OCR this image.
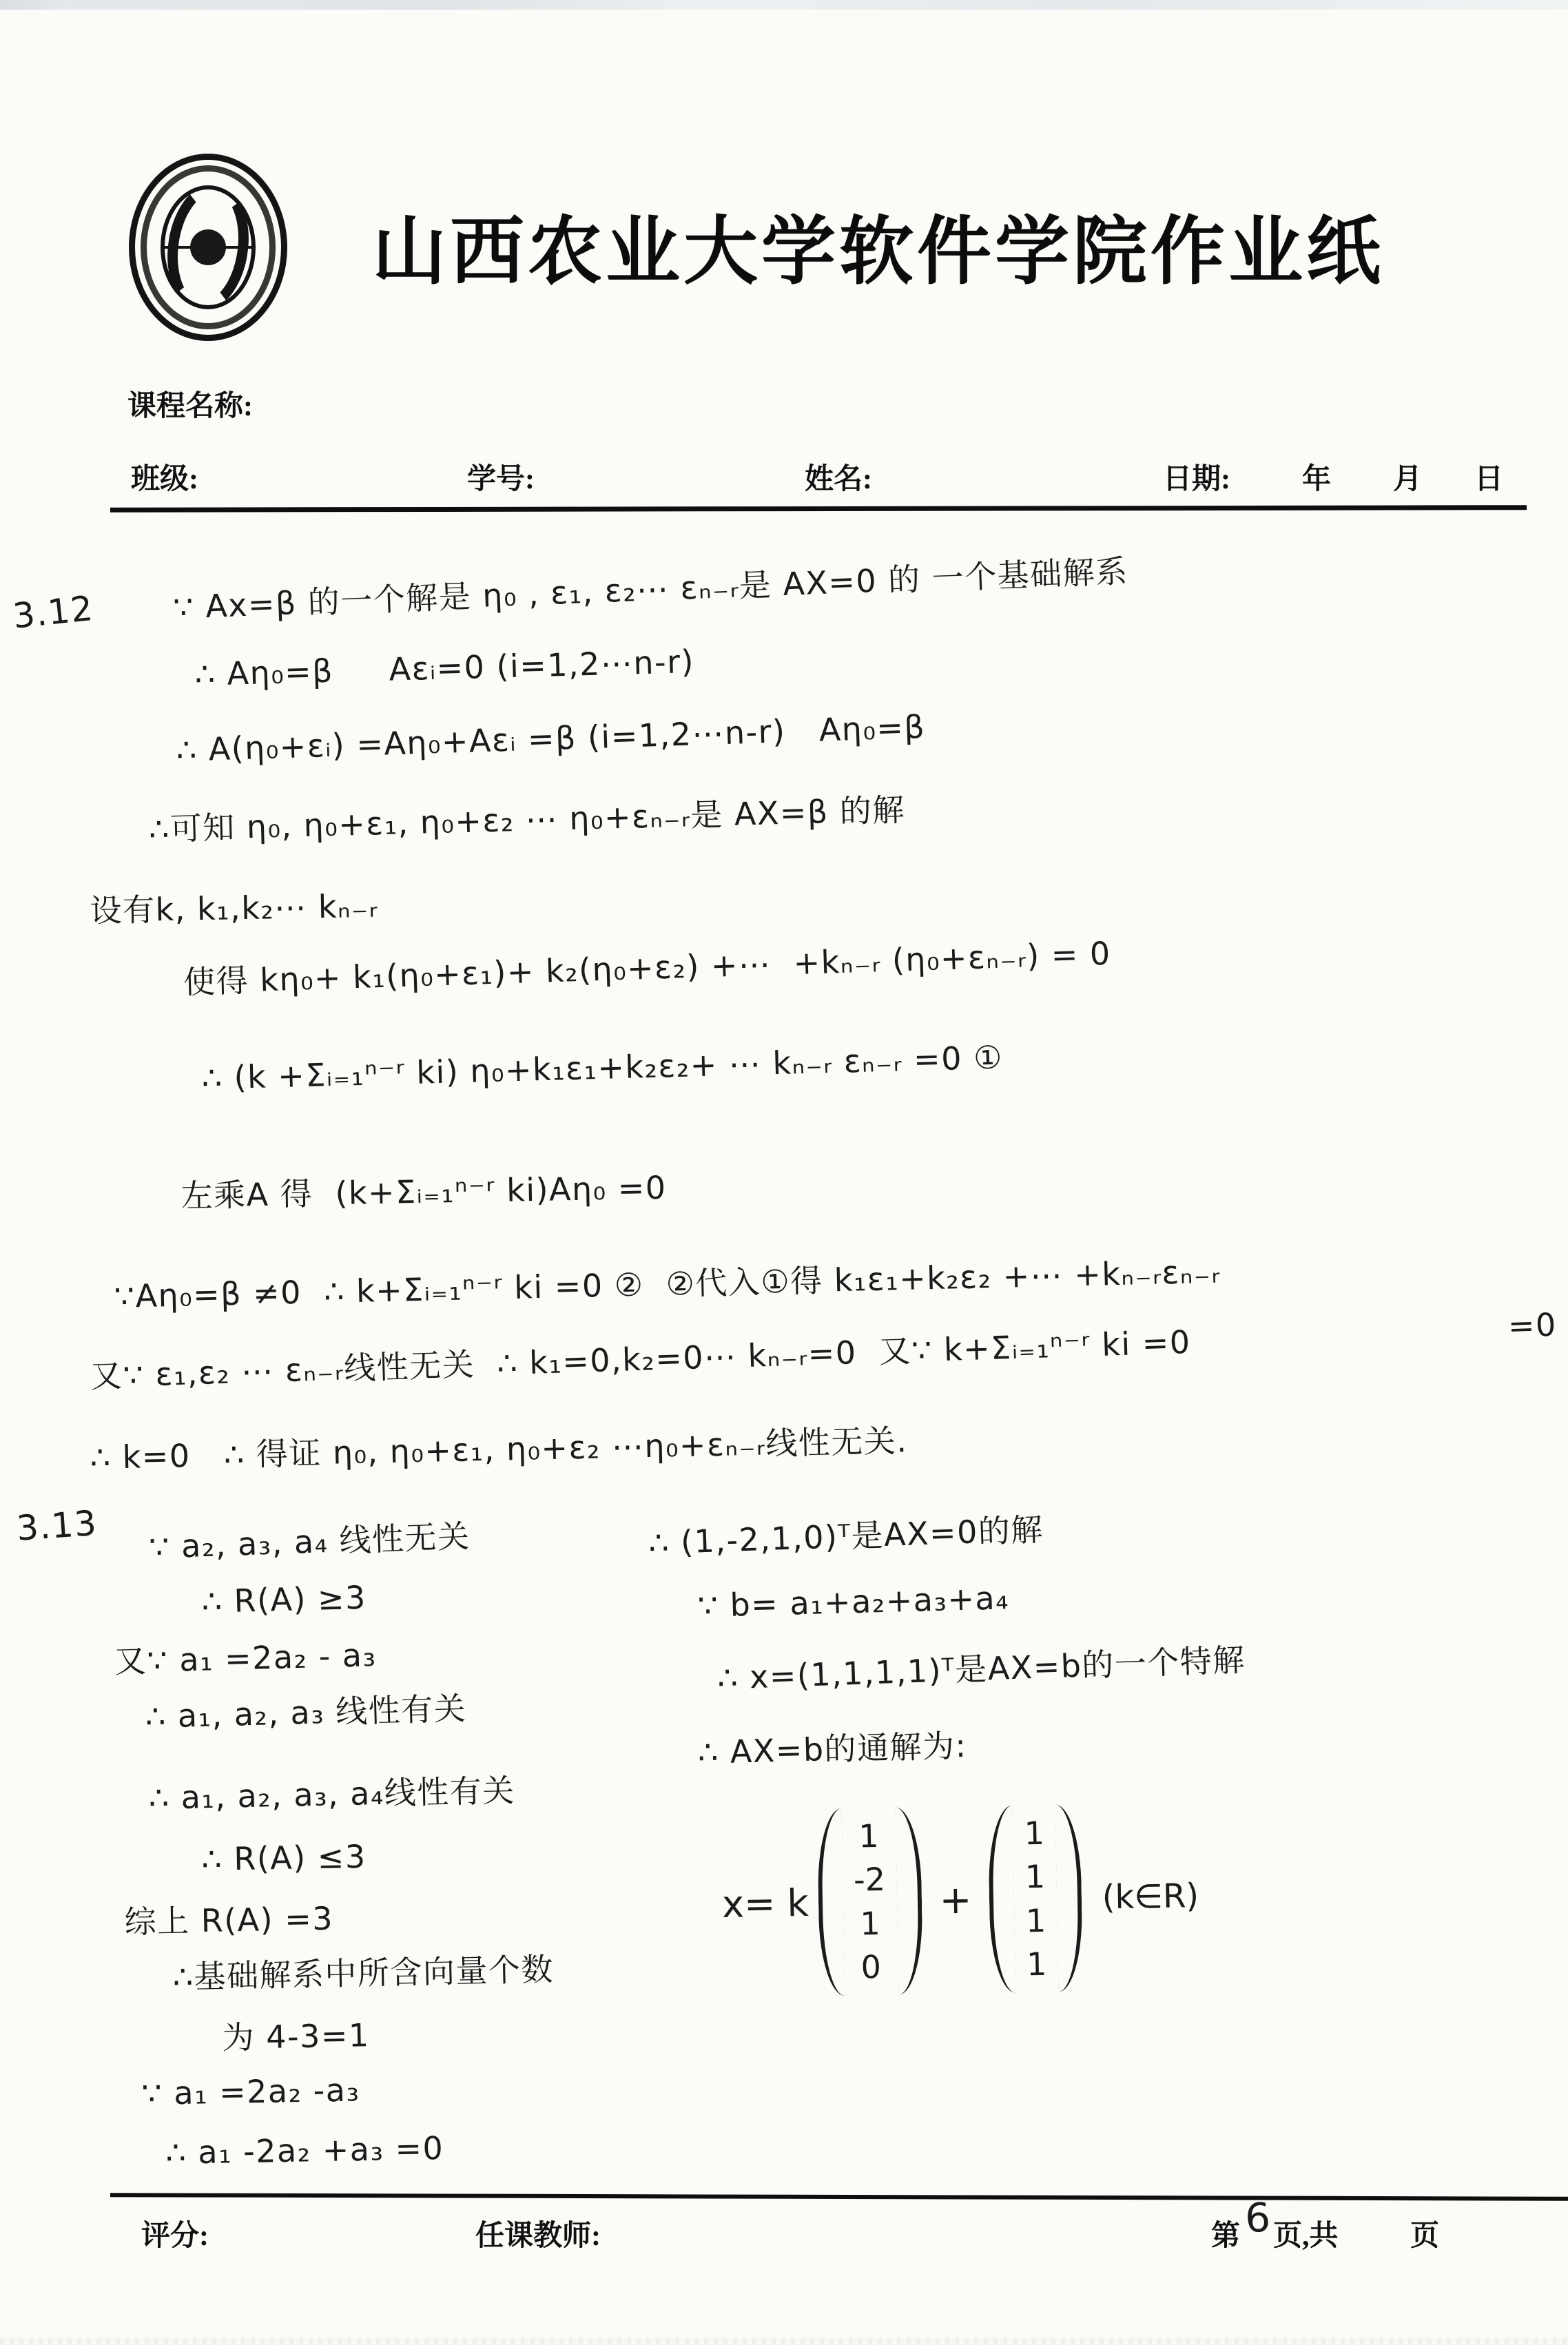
山西农业大学软件学院作业纸
课程名称:
班级:	学号:	姓名:	日期: 年 月 日
3.12 ∵ Ax=β 的一个解是 η₀ , ε₁, ε₂⋯ εₙ₋ᵣ是 AX=0 的 一个基础解系
∴ Aη₀=β     Aεᵢ=0 (i=1,2⋯n-r)
∴ A(η₀+εᵢ) =Aη₀+Aεᵢ =β (i=1,2⋯n-r)   Aη₀=β
∴可知 η₀, η₀+ε₁, η₀+ε₂ ⋯ η₀+εₙ₋ᵣ是 AX=β 的解
设有k, k₁,k₂⋯ kₙ₋ᵣ
使得 kη₀+ k₁(η₀+ε₁)+ k₂(η₀+ε₂) +⋯  +kₙ₋ᵣ (η₀+εₙ₋ᵣ) = 0
∴ (k +Σᵢ₌₁ⁿ⁻ʳ ki) η₀+k₁ε₁+k₂ε₂+ ⋯ kₙ₋ᵣ εₙ₋ᵣ =0 ①
左乘A 得  (k+Σᵢ₌₁ⁿ⁻ʳ ki)Aη₀ =0
∵Aη₀=β ≠0  ∴ k+Σᵢ₌₁ⁿ⁻ʳ ki =0 ②  ②代入①得 k₁ε₁+k₂ε₂ +⋯ +kₙ₋ᵣεₙ₋ᵣ
=0
又∵ ε₁,ε₂ ⋯ εₙ₋ᵣ线性无关  ∴ k₁=0,k₂=0⋯ kₙ₋ᵣ=0  又∵ k+Σᵢ₌₁ⁿ⁻ʳ ki =0
∴ k=0   ∴ 得证 η₀, η₀+ε₁, η₀+ε₂ ⋯η₀+εₙ₋ᵣ线性无关.
3.13 ∵ a₂, a₃, a₄ 线性无关
∴ R(A) ≥3
又∵ a₁ =2a₂ - a₃
∴ a₁, a₂, a₃ 线性有关
∴ a₁, a₂, a₃, a₄线性有关
∴ R(A) ≤3
综上 R(A) =3
∴基础解系中所含向量个数
为 4-3=1
∵ a₁ =2a₂ -a₃
∴ a₁ -2a₂ +a₃ =0
∴ (1,-2,1,0)ᵀ是AX=0的解
∵ b= a₁+a₂+a₃+a₄
∴ x=(1,1,1,1)ᵀ是AX=b的一个特解
∴ AX=b的通解为:
x= k
1
-2
1
0
+
1
1
1
1
(k∈R)
评分:	任课教师:	第 6 页,共 页
